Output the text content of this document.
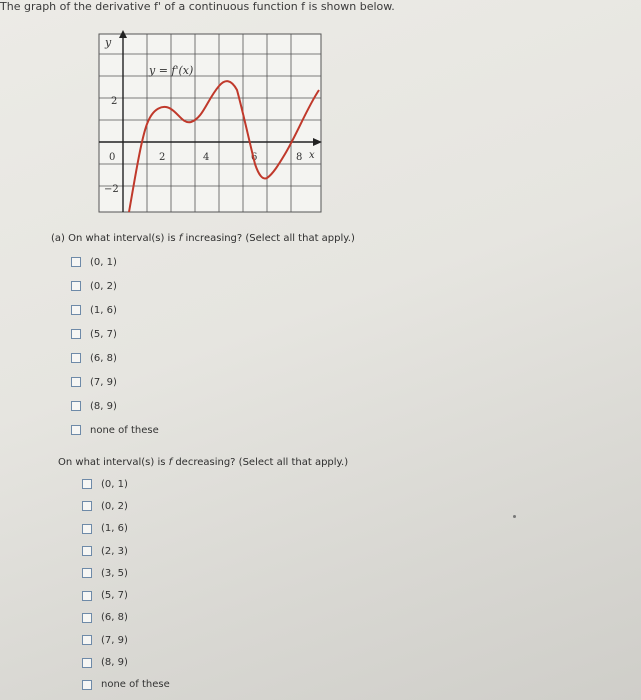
The graph of the derivative f' of a continuous function f is shown below.
y
x
y = f'(x)
0	2	4	6	8
2
−2
(a) On what interval(s) is f increasing? (Select all that apply.)
(0, 1)
(0, 2)
(1, 6)
(5, 7)
(6, 8)
(7, 9)
(8, 9)
none of these
On what interval(s) is f decreasing? (Select all that apply.)
(0, 1)
(0, 2)
(1, 6)
(2, 3)
(3, 5)
(5, 7)
(6, 8)
(7, 9)
(8, 9)
none of these
